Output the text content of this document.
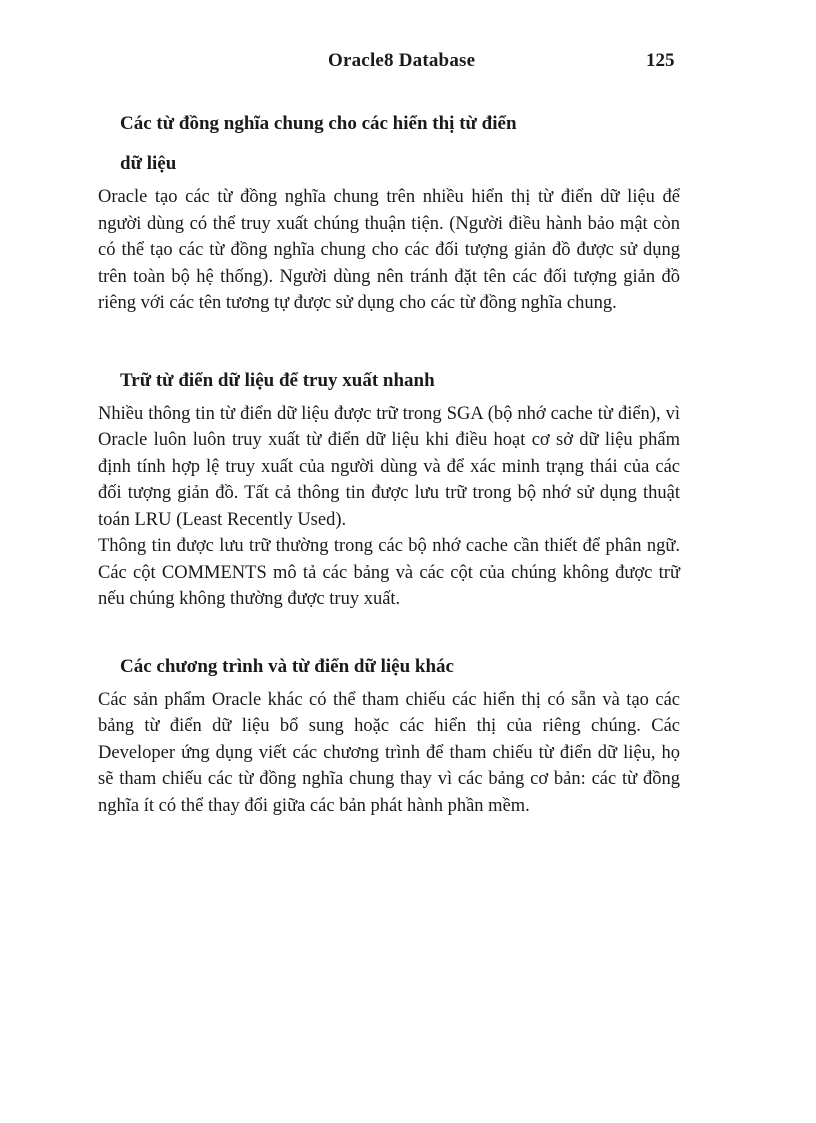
Oracle8 Database	125
Các từ đồng nghĩa chung cho các hiển thị từ điển
dữ liệu

Oracle tạo các từ đồng nghĩa chung trên nhiều hiển thị từ điển dữ liệu để người dùng có thể truy xuất chúng thuận tiện. (Người điều hành bảo mật còn có thể tạo các từ đồng nghĩa chung cho các đối tượng giản đồ được sử dụng trên toàn bộ hệ thống). Người dùng nên tránh đặt tên các đối tượng giản đồ riêng với các tên tương tự được sử dụng cho các từ đồng nghĩa chung.

Trữ từ điển dữ liệu để truy xuất nhanh

Nhiều thông tin từ điển dữ liệu được trữ trong SGA (bộ nhớ cache từ điển), vì Oracle luôn luôn truy xuất từ điển dữ liệu khi điều hoạt cơ sở dữ liệu phẩm định tính hợp lệ truy xuất của người dùng và để xác minh trạng thái của các đối tượng giản đồ. Tất cả thông tin được lưu trữ trong bộ nhớ sử dụng thuật toán LRU (Least Recently Used).

Thông tin được lưu trữ thường trong các bộ nhớ cache cần thiết để phân ngữ. Các cột COMMENTS mô tả các bảng và các cột của chúng không được trữ nếu chúng không thường được truy xuất.

Các chương trình và từ điển dữ liệu khác

Các sản phẩm Oracle khác có thể tham chiếu các hiển thị có sẵn và tạo các bảng từ điển dữ liệu bổ sung hoặc các hiển thị của riêng chúng. Các Developer ứng dụng viết các chương trình để tham chiếu từ điển dữ liệu, họ sẽ tham chiếu các từ đồng nghĩa chung thay vì các bảng cơ bản: các từ đồng nghĩa ít có thể thay đổi giữa các bản phát hành phần mềm.
